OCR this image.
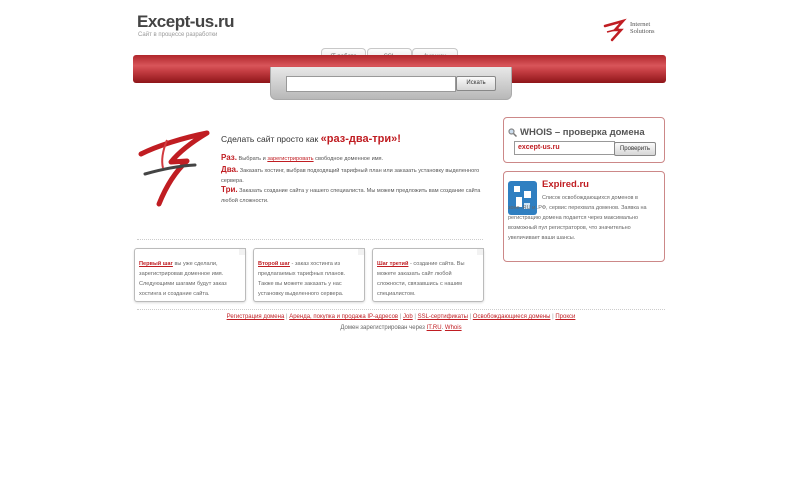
Except-us.ru
Сайт в процессе разработки
Internet
Solutions
Искать
Сделать сайт просто как «раз-два-три»!
Раз. Выбрать и зарегистрировать свободное доменное имя.
Два. Заказать хостинг, выбрав подходящий тарифный план или заказать установку выделенного сервера.
Три. Заказать создание сайта у нашего специалиста. Мы можем предложить вам создание сайта любой сложности.

Первый шаг вы уже сделали, зарегистрировав доменное имя. Следующими шагами будут заказ хостинга и создание сайта.

Второй шаг - заказ хостинга из предлагаемых тарифных планов. Также вы можете заказать у нас установку выделенного сервера.

Шаг третий - создание сайта. Вы можете заказать сайт любой сложности, связавшись с нашим специалистом.

WHOIS – проверка домена
except-us.ru	Проверить
Expired.ru
Список освобождающихся доменов в
зоне .RU и .РФ, сервис перехвата доменов. Заявка на регистрацию домена подается через максимально возможный пул регистраторов, что значительно увеличивает ваши шансы.
Регистрация домена | Аренда, покупка и продажа IP-адресов | Job | SSL-сертификаты | Освобождающиеся домены | Прокси
Домен зарегистрирован через IT.RU. Whois
